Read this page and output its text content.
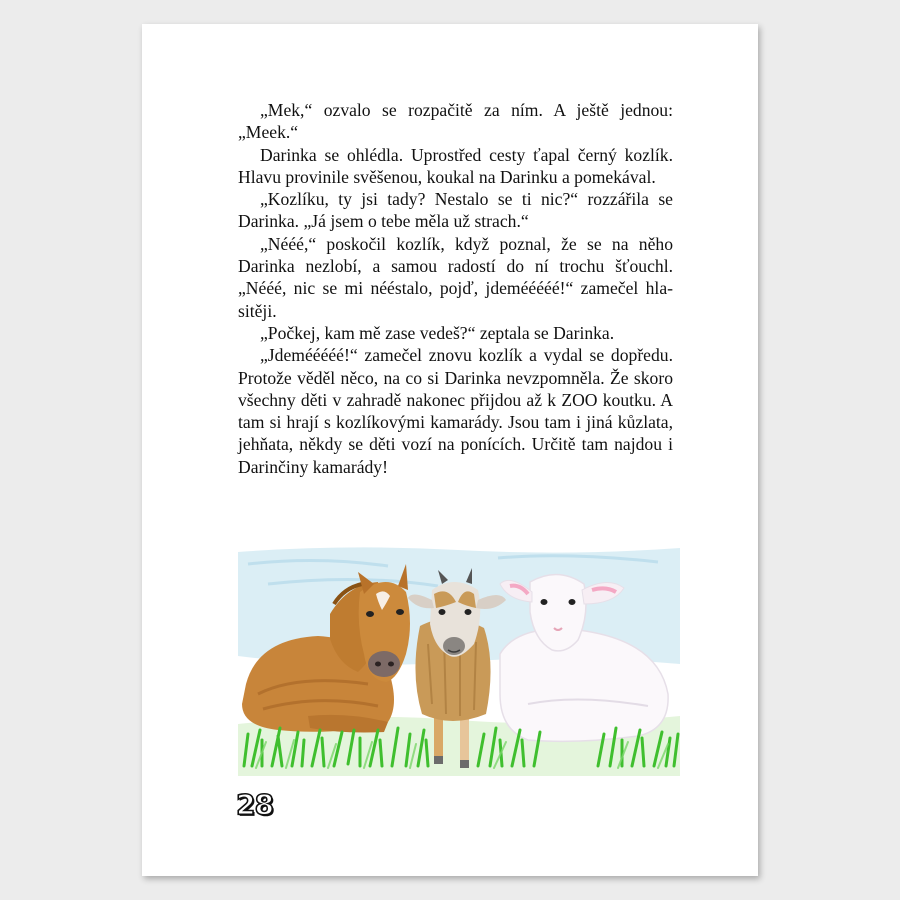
„Mek,“ ozvalo se rozpačitě za ním. A ještě jednou: „Meek.“

Darinka se ohlédla. Uprostřed cesty ťapal černý kozlík. Hlavu provinile svěšenou, koukal na Darinku a pomekával.

„Kozlíku, ty jsi tady? Nestalo se ti nic?“ rozzářila se Darinka. „Já jsem o tebe měla už strach.“

„Nééé,“ poskočil kozlík, když poznal, že se na něho Darinka nezlobí, a samou radostí do ní trochu šťouchl. „Nééé, nic se mi nééstalo, pojď, jdemééééé!“ zamečel hlasitěji.

„Počkej, kam mě zase vedeš?“ zeptala se Darinka.

„Jdemééééé!“ zamečel znovu kozlík a vydal se dopředu. Protože věděl něco, na co si Darinka nevzpomněla. Že skoro všechny děti v zahradě nakonec přijdou až k ZOO koutku. A tam si hrají s kozlíkovými kamarády. Jsou tam i jiná kůzlata, jehňata, někdy se děti vozí na ponících. Určitě tam najdou i Darinčiny kamarády!

28
